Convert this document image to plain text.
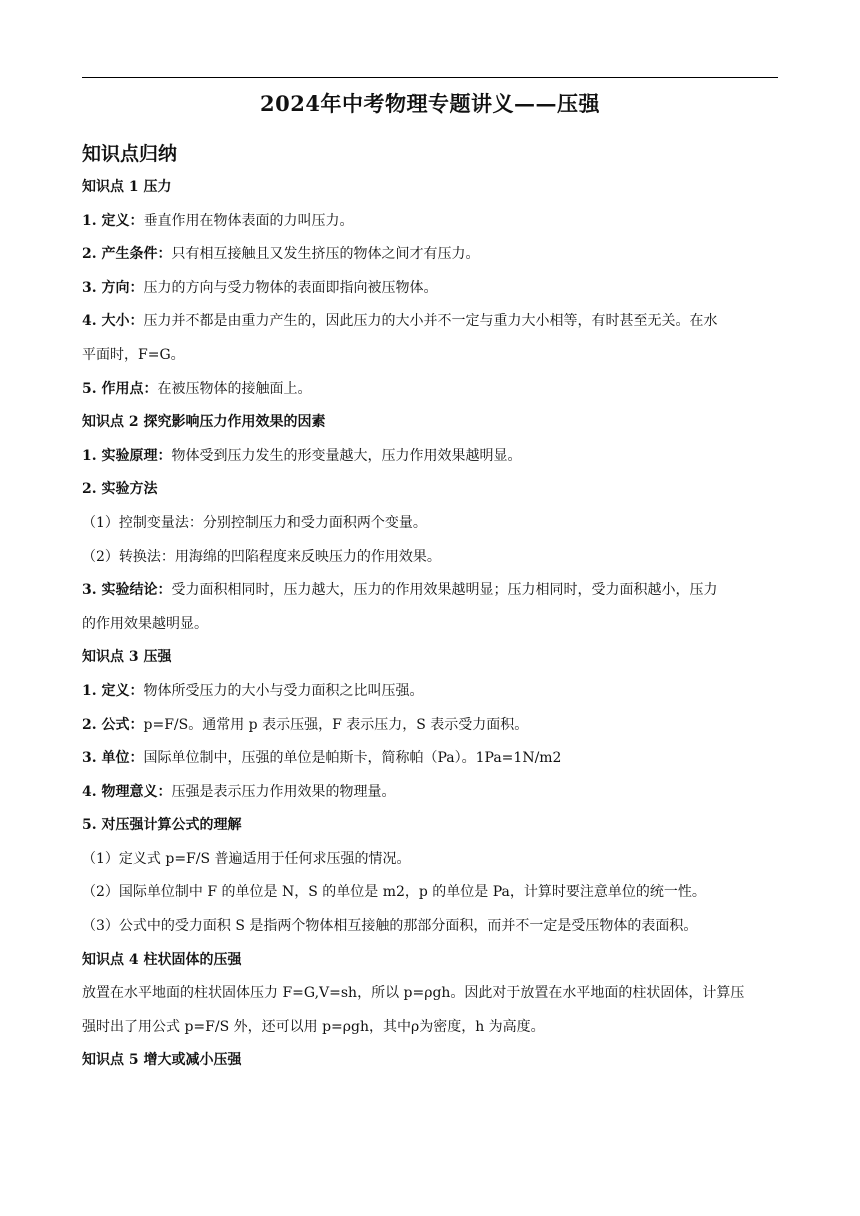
2024年中考物理专题讲义——压强
知识点归纳
知识点 1 压力
1. 定义：垂直作用在物体表面的力叫压力。
2. 产生条件：只有相互接触且又发生挤压的物体之间才有压力。
3. 方向：压力的方向与受力物体的表面即指向被压物体。
4. 大小：压力并不都是由重力产生的，因此压力的大小并不一定与重力大小相等，有时甚至无关。在水
平面时，F=G。
5. 作用点：在被压物体的接触面上。
知识点 2 探究影响压力作用效果的因素
1. 实验原理：物体受到压力发生的形变量越大，压力作用效果越明显。
2. 实验方法
（1）控制变量法：分别控制压力和受力面积两个变量。
（2）转换法：用海绵的凹陷程度来反映压力的作用效果。
3. 实验结论：受力面积相同时，压力越大，压力的作用效果越明显；压力相同时，受力面积越小，压力
的作用效果越明显。
知识点 3 压强
1. 定义：物体所受压力的大小与受力面积之比叫压强。
2. 公式：p=F/S。通常用 p 表示压强，F 表示压力，S 表示受力面积。
3. 单位：国际单位制中，压强的单位是帕斯卡，简称帕（Pa）。1Pa=1N/m2
4. 物理意义：压强是表示压力作用效果的物理量。
5. 对压强计算公式的理解
（1）定义式 p=F/S 普遍适用于任何求压强的情况。
（2）国际单位制中 F 的单位是 N，S 的单位是 m2，p 的单位是 Pa，计算时要注意单位的统一性。
（3）公式中的受力面积 S 是指两个物体相互接触的那部分面积，而并不一定是受压物体的表面积。
知识点 4 柱状固体的压强
放置在水平地面的柱状固体压力 F=G,V=sh，所以 p=ρgh。因此对于放置在水平地面的柱状固体，计算压
强时出了用公式 p=F/S 外，还可以用 p=ρgh，其中ρ为密度，h 为高度。
知识点 5 增大或减小压强
